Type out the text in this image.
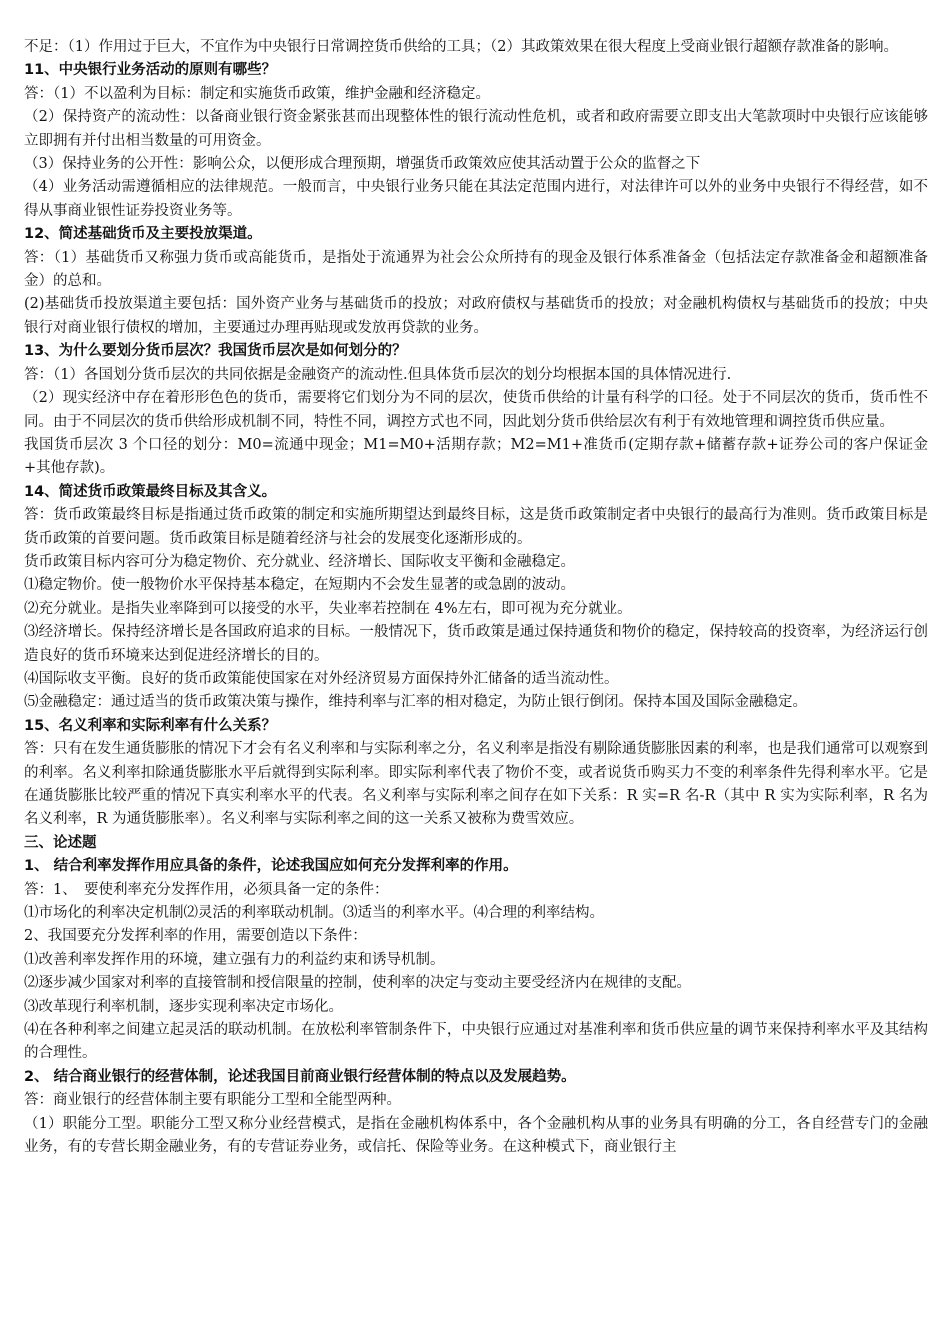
不足：（1）作用过于巨大，不宜作为中央银行日常调控货币供给的工具；（2）其政策效果在很大程度上受商业银行超额存款准备的影响。
11、中央银行业务活动的原则有哪些？
答：（1）不以盈利为目标：制定和实施货币政策，维护金融和经济稳定。
（2）保持资产的流动性：以备商业银行资金紧张甚而出现整体性的银行流动性危机，或者和政府需要立即支出大笔款项时中央银行应该能够立即拥有并付出相当数量的可用资金。
（3）保持业务的公开性：影响公众，以便形成合理预期，增强货币政策效应使其活动置于公众的监督之下
（4）业务活动需遵循相应的法律规范。一般而言，中央银行业务只能在其法定范围内进行，对法律许可以外的业务中央银行不得经营，如不得从事商业银性证券投资业务等。
12、简述基础货币及主要投放渠道。
答：（1）基础货币又称强力货币或高能货币，是指处于流通界为社会公众所持有的现金及银行体系准备金（包括法定存款准备金和超额准备金）的总和。
(2)基础货币投放渠道主要包括：国外资产业务与基础货币的投放；对政府债权与基础货币的投放；对金融机构债权与基础货币的投放；中央银行对商业银行债权的增加，主要通过办理再贴现或发放再贷款的业务。
13、为什么要划分货币层次？我国货币层次是如何划分的？
答：（1）各国划分货币层次的共同依据是金融资产的流动性.但具体货币层次的划分均根据本国的具体情况进行.
（2）现实经济中存在着形形色色的货币，需要将它们划分为不同的层次，使货币供给的计量有科学的口径。处于不同层次的货币，货币性不同。由于不同层次的货币供给形成机制不同，特性不同，调控方式也不同，因此划分货币供给层次有利于有效地管理和调控货币供应量。
我国货币层次 3 个口径的划分：M0=流通中现金；M1=M0+活期存款；M2=M1+准货币(定期存款+储蓄存款+证券公司的客户保证金+其他存款)。
14、简述货币政策最终目标及其含义。
答：货币政策最终目标是指通过货币政策的制定和实施所期望达到最终目标，这是货币政策制定者中央银行的最高行为准则。货币政策目标是货币政策的首要问题。货币政策目标是随着经济与社会的发展变化逐渐形成的。
货币政策目标内容可分为稳定物价、充分就业、经济增长、国际收支平衡和金融稳定。
⑴稳定物价。使一般物价水平保持基本稳定，在短期内不会发生显著的或急剧的波动。
⑵充分就业。是指失业率降到可以接受的水平，失业率若控制在 4%左右，即可视为充分就业。
⑶经济增长。保持经济增长是各国政府追求的目标。一般情况下，货币政策是通过保持通货和物价的稳定，保持较高的投资率，为经济运行创造良好的货币环境来达到促进经济增长的目的。
⑷国际收支平衡。良好的货币政策能使国家在对外经济贸易方面保持外汇储备的适当流动性。
⑸金融稳定：通过适当的货币政策决策与操作，维持利率与汇率的相对稳定，为防止银行倒闭。保持本国及国际金融稳定。
15、名义利率和实际利率有什么关系？
答：只有在发生通货膨胀的情况下才会有名义利率和与实际利率之分，名义利率是指没有剔除通货膨胀因素的利率，也是我们通常可以观察到的利率。名义利率扣除通货膨胀水平后就得到实际利率。即实际利率代表了物价不变，或者说货币购买力不变的利率条件先得利率水平。它是在通货膨胀比较严重的情况下真实利率水平的代表。名义利率与实际利率之间存在如下关系：R 实=R 名-R（其中 R 实为实际利率，R 名为名义利率，R 为通货膨胀率）。名义利率与实际利率之间的这一关系又被称为费雪效应。
三、论述题
1、 结合利率发挥作用应具备的条件，论述我国应如何充分发挥利率的作用。
答：1、　要使利率充分发挥作用，必须具备一定的条件：
⑴市场化的利率决定机制⑵灵活的利率联动机制。⑶适当的利率水平。⑷合理的利率结构。
2、我国要充分发挥利率的作用，需要创造以下条件：
⑴改善利率发挥作用的环境，建立强有力的利益约束和诱导机制。
⑵逐步减少国家对利率的直接管制和授信限量的控制，使利率的决定与变动主要受经济内在规律的支配。
⑶改革现行利率机制，逐步实现利率决定市场化。
⑷在各种利率之间建立起灵活的联动机制。在放松利率管制条件下，中央银行应通过对基准利率和货币供应量的调节来保持利率水平及其结构的合理性。
2、 结合商业银行的经营体制，论述我国目前商业银行经营体制的特点以及发展趋势。
答：商业银行的经营体制主要有职能分工型和全能型两种。
（1）职能分工型。职能分工型又称分业经营模式，是指在金融机构体系中，各个金融机构从事的业务具有明确的分工，各自经营专门的金融业务，有的专营长期金融业务，有的专营证券业务，或信托、保险等业务。在这种模式下，商业银行主
